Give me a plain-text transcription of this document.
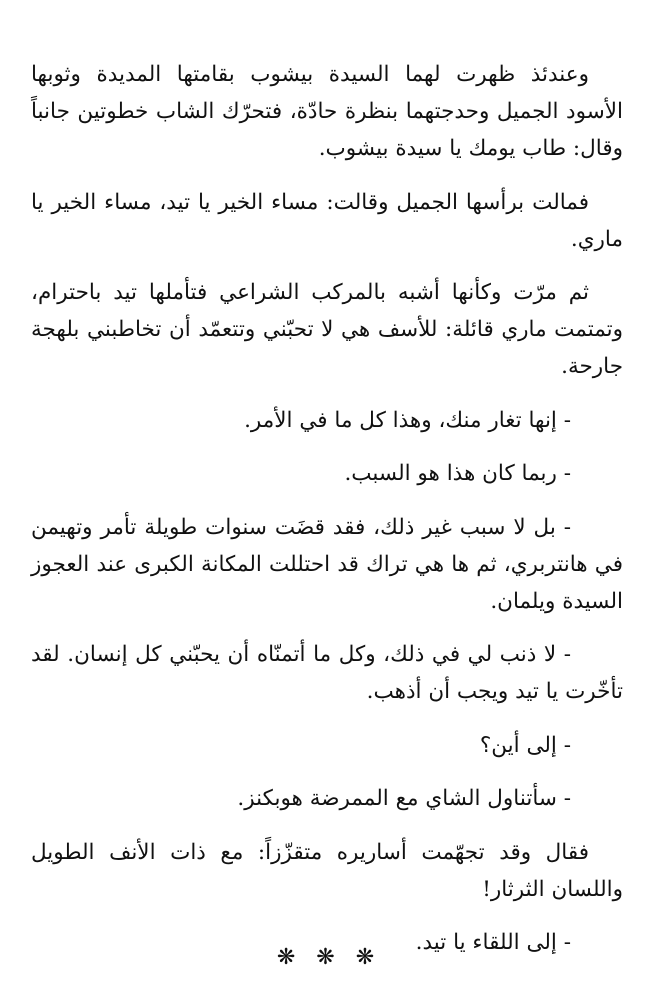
وعندئذ ظهرت لهما السيدة بيشوب بقامتها المديدة وثوبها الأسود الجميل وحدجتهما بنظرة حادّة، فتحرّك الشاب خطوتين جانباً وقال: طاب يومك يا سيدة بيشوب.

فمالت برأسها الجميل وقالت: مساء الخير يا تيد، مساء الخير يا ماري.

ثم مرّت وكأنها أشبه بالمركب الشراعي فتأملها تيد باحترام، وتمتمت ماري قائلة: للأسف هي لا تحبّني وتتعمّد أن تخاطبني بلهجة جارحة.

- إنها تغار منك، وهذا كل ما في الأمر.

- ربما كان هذا هو السبب.

- بل لا سبب غير ذلك، فقد قضَت سنوات طويلة تأمر وتهيمن في هانتربري، ثم ها هي تراك قد احتللت المكانة الكبرى عند العجوز السيدة ويلمان.

- لا ذنب لي في ذلك، وكل ما أتمنّاه أن يحبّني كل إنسان. لقد تأخّرت يا تيد ويجب أن أذهب.

- إلى أين؟

- سأتناول الشاي مع الممرضة هوبكنز.

فقال وقد تجهّمت أساريره متقزّزاً: مع ذات الأنف الطويل واللسان الثرثار!

- إلى اللقاء يا تيد.

❋ ❋ ❋
